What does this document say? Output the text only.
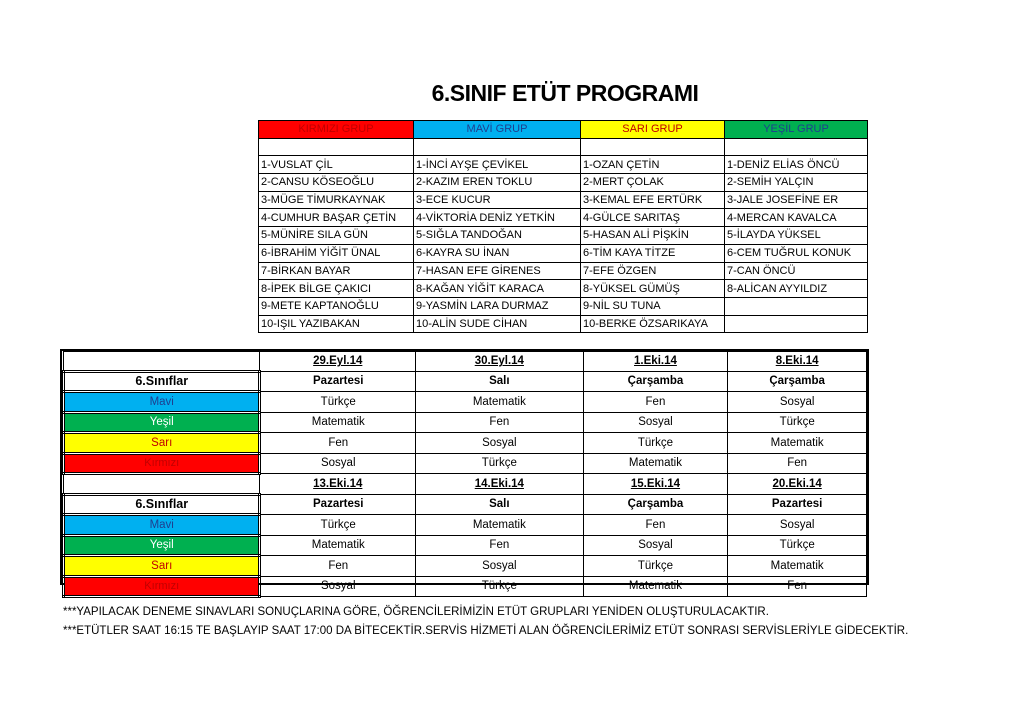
6.SINIF ETÜT PROGRAMI
KIRMIZI GRUP	MAVİ GRUP	SARI GRUP	YEŞİL GRUP

1-VUSLAT ÇİL	1-İNCİ AYŞE ÇEVİKEL	1-OZAN ÇETİN	1-DENİZ ELİAS ÖNCÜ
2-CANSU KÖSEOĞLU	2-KAZIM EREN TOKLU	2-MERT ÇOLAK	2-SEMİH YALÇIN
3-MÜGE TİMURKAYNAK	3-ECE KUCUR	3-KEMAL EFE ERTÜRK	3-JALE JOSEFİNE ER
4-CUMHUR BAŞAR ÇETİN	4-VİKTORİA DENİZ YETKİN	4-GÜLCE SARITAŞ	4-MERCAN KAVALCA
5-MÜNİRE SILA GÜN	5-SIĞLA TANDOĞAN	5-HASAN ALİ PİŞKİN	5-İLAYDA YÜKSEL
6-İBRAHİM YİĞİT ÜNAL	6-KAYRA SU İNAN	6-TİM KAYA TİTZE	6-CEM TUĞRUL KONUK
7-BİRKAN BAYAR	7-HASAN EFE GİRENES	7-EFE ÖZGEN	7-CAN ÖNCÜ
8-İPEK BİLGE ÇAKICI	8-KAĞAN YİĞİT KARACA	8-YÜKSEL GÜMÜŞ	8-ALİCAN AYYILDIZ
9-METE KAPTANOĞLU	9-YASMİN LARA DURMAZ	9-NİL SU TUNA	
10-IŞIL YAZIBAKAN	10-ALİN SUDE CİHAN	10-BERKE ÖZSARIKAYA	
	29.Eyl.14	30.Eyl.14	1.Eki.14	8.Eki.14
6.Sınıflar	Pazartesi	Salı	Çarşamba	Çarşamba
Mavi	Türkçe	Matematik	Fen	Sosyal
Yeşil	Matematik	Fen	Sosyal	Türkçe
Sarı	Fen	Sosyal	Türkçe	Matematik
Kırmızı	Sosyal	Türkçe	Matematik	Fen
	13.Eki.14	14.Eki.14	15.Eki.14	20.Eki.14
6.Sınıflar	Pazartesi	Salı	Çarşamba	Pazartesi
Mavi	Türkçe	Matematik	Fen	Sosyal
Yeşil	Matematik	Fen	Sosyal	Türkçe
Sarı	Fen	Sosyal	Türkçe	Matematik
Kırmızı	Sosyal	Türkçe	Matematik	Fen
***YAPILACAK DENEME SINAVLARI SONUÇLARINA GÖRE, ÖĞRENCİLERİMİZİN ETÜT GRUPLARI YENİDEN OLUŞTURULACAKTIR.
***ETÜTLER SAAT 16:15 TE BAŞLAYIP SAAT 17:00 DA BİTECEKTİR.SERVİS HİZMETİ ALAN ÖĞRENCİLERİMİZ ETÜT SONRASI SERVİSLERİYLE GİDECEKTİR.
